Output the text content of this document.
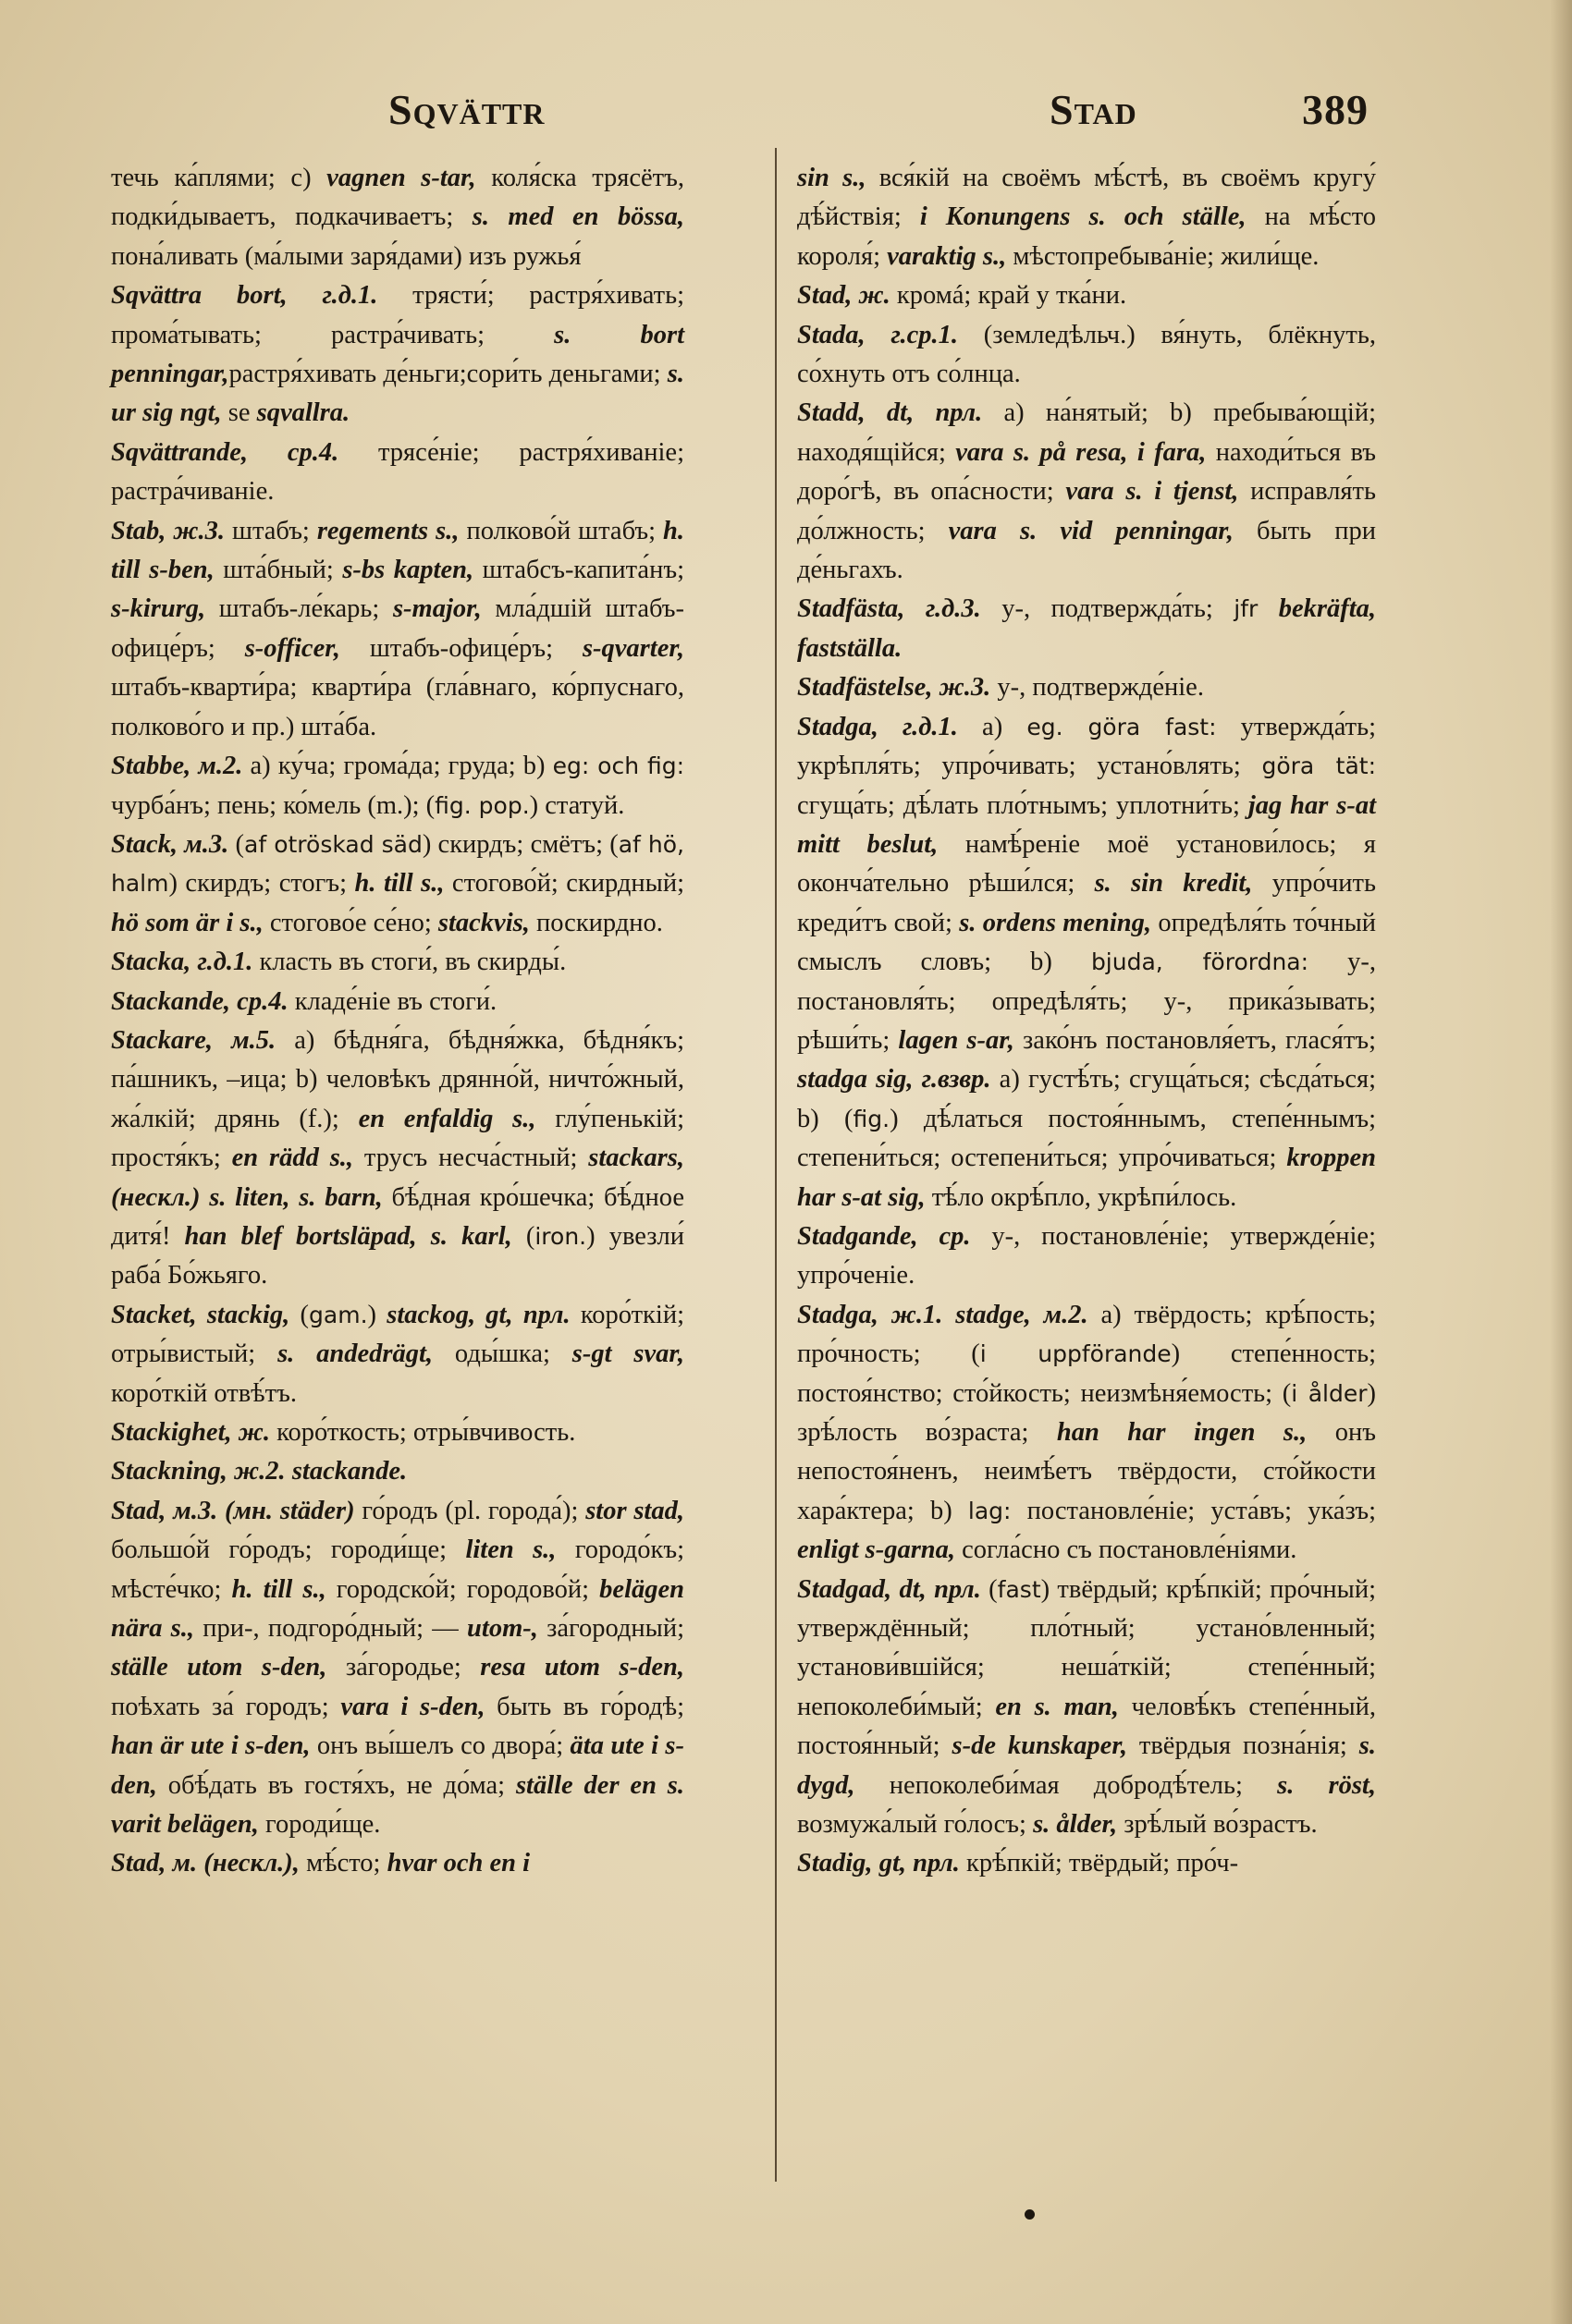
Sqvättr	Stad	389

течь ка́плями; c) vagnen s-tar, коля́ска трясётъ, подки́дываетъ, подкачиваетъ; s. med en bössa, пона́ливать (ма́лыми заря́дами) изъ ружья́

Sqvättra bort, г.д.1. трясти́; растря́хивать; прома́тывать; растра́чивать; s. bort penningar,растря́хивать де́ньги;сори́ть деньгами; s. ur sig ngt, se sqvallra.

Sqvättrande, ср.4. трясе́ніе; растря́хиваніе; растра́чиваніе.

Stab, ж.3. штабъ; regements s., полково́й штабъ; h. till s-ben, шта́бный; s-bs kapten, штабсъ-капита́нъ; s-kirurg, штабъ-ле́карь; s-major, мла́дшій штабъ-офице́ръ; s-officer, штабъ-офице́ръ; s-qvarter, штабъ-кварти́ра; кварти́ра (гла́внаго, ко́рпуснаго, полково́го и пр.) шта́ба.

Stabbe, м.2. a) ку́ча; грома́да; груда; b) eg: och fig: чурба́нъ; пень; ко́мель (m.); (fig. pop.) статуй.

Stack, м.3. (af otröskad säd) скирдъ; смётъ; (af hö, halm) скирдъ; стогъ; h. till s., стогово́й; скирдный; hö som är i s., стогово́е се́но; stackvis, поскирдно.

Stacka, г.д.1. класть въ стоги́, въ скирды́.

Stackande, ср.4. кладе́ніе въ стоги́.

Stackare, м.5. a) бѣдня́га, бѣдня́жка, бѣдня́къ; па́шникъ, –ица; b) человѣкъ дрянно́й, ничто́жный, жа́лкій; дрянь (f.); en enfaldig s., глу́пенькій; простя́къ; en rädd s., трусъ несча́стный; stackars, (нескл.) s. liten, s. barn, бѣ́дная кро́шечка; бѣ́дное дитя́! han blef bortsläpad, s. karl, (iron.) увезли́ раба́ Бо́жьяго.

Stacket, stackig, (gam.) stackog, gt, прл. коро́ткій; отры́вистый; s. andedrägt, оды́шка; s-gt svar, коро́ткій отвѣ́тъ.

Stackighet, ж. коро́ткость; отры́вчивость.

Stackning, ж.2. stackande.

Stad, м.3. (мн. städer) го́родъ (pl. города́); stor stad, большо́й го́родъ; городи́ще; liten s., городо́къ; мѣсте́чко; h. till s., городско́й; городово́й; belägen nära s., при-, подгоро́дный; — utom-, за́городный; ställe utom s-den, за́городье; resa utom s-den, поѣхать за́ городъ; vara i s-den, быть въ го́родѣ; han är ute i s-den, онъ вы́шелъ со двора́; äta ute i s-den, обѣ́дать въ гостя́хъ, не до́ма; ställe der en s. varit belägen, городи́ще.

Stad, м. (нескл.), мѣ́сто; hvar och en i

sin s., вся́кій на своёмъ мѣ́стѣ, въ своёмъ кругу́ дѣ́йствія; i Konungens s. och ställe, на мѣ́сто короля́; varaktig s., мѣстопребыва́ніе; жили́ще.

Stad, ж. кромá; край у тка́ни.

Stada, г.ср.1. (земледѣльч.) вя́нуть, блёкнуть, со́хнуть отъ со́лнца.

Stadd, dt, прл. a) на́нятый; b) пребыва́ющій; находя́щійся; vara s. på resa, i fara, находи́ться въ доро́гѣ, въ опа́сности; vara s. i tjenst, исправля́ть до́лжность; vara s. vid penningar, быть при де́ньгахъ.

Stadfästa, г.д.3. у-, подтвержда́ть; jfr bekräfta, fastställa.

Stadfästelse, ж.3. у-, подтвержде́ніе.

Stadga, г.д.1. a) eg. göra fast: утвержда́ть; укрѣпля́ть; упро́чивать; устано́влять; göra tät: сгуща́ть; дѣ́лать пло́тнымъ; уплотни́ть; jag har s-at mitt beslut, намѣ́реніе моё установи́лось; я оконча́тельно рѣши́лся; s. sin kredit, упро́чить креди́тъ свой; s. ordens mening, опредѣля́ть то́чный смыслъ словъ; b) bjuda, förordna: у-, постановля́ть; опредѣля́ть; у-, прика́зывать; рѣши́ть; lagen s-ar, зако́нъ постановля́етъ, глася́тъ; stadga sig, г.взвр. a) густѣ́ть; сгуща́ться; сѣсда́ться; b) (fig.) дѣ́латься постоя́ннымъ, степе́ннымъ; степени́ться; остепени́ться; упро́чиваться; kroppen har s-at sig, тѣ́ло окрѣ́пло, укрѣпи́лось.

Stadgande, ср. у-, постановле́ніе; утвержде́ніе; упро́ченіе.

Stadga, ж.1. stadge, м.2. a) твёрдость; крѣ́пость; про́чность; (i uppförande) степе́нность; постоя́нство; сто́йкость; неизмѣня́емость; (i ålder) зрѣ́лость во́зраста; han har ingen s., онъ непостоя́ненъ, неимѣ́етъ твёрдости, сто́йкости хара́ктера; b) lag: постановле́ніе; уста́въ; ука́зъ; enligt s-garna, согла́сно съ постановле́ніями.

Stadgad, dt, прл. (fast) твёрдый; крѣ́пкій; про́чный; утверждённый; пло́тный; устано́вленный; установи́вшійся; неша́ткій; степе́нный; непоколеби́мый; en s. man, человѣ́къ степе́нный, постоя́нный; s-de kunskaper, твёрдыя позна́нія; s. dygd, непоколеби́мая добродѣ́тель; s. röst, возмужа́лый го́лосъ; s. ålder, зрѣ́лый во́зрастъ.

Stadig, gt, прл. крѣ́пкій; твёрдый; про́ч-
